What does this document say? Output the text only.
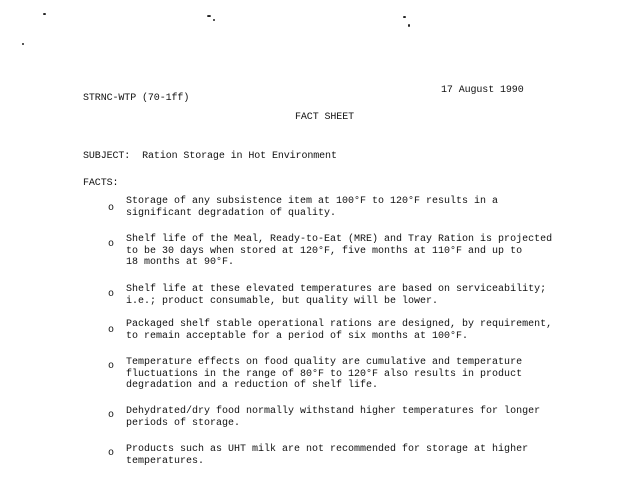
STRNC-WTP (70-1ff)
17 August 1990
FACT SHEET
SUBJECT: Ration Storage in Hot Environment
FACTS:
o
Storage of any subsistence item at 100°F to 120°F results in a
significant degradation of quality.
o Shelf life of the Meal, Ready-to-Eat (MRE) and Tray Ration is projected
to be 30 days when stored at 120°F, five months at 110°F and up to
18 months at 90°F.
o Shelf life at these elevated temperatures are based on serviceability;
i.e.; product consumable, but quality will be lower.
o
Packaged shelf stable operational rations are designed, by requirement,
to remain acceptable for a period of six months at 100°F.
o Temperature effects on food quality are cumulative and temperature
fluctuations in the range of 80°F to 120°F also results in product
degradation and a reduction of shelf life.
o Dehydrated/dry food normally withstand higher temperatures for longer
periods of storage.
o Products such as UHT milk are not recommended for storage at higher
temperatures.
